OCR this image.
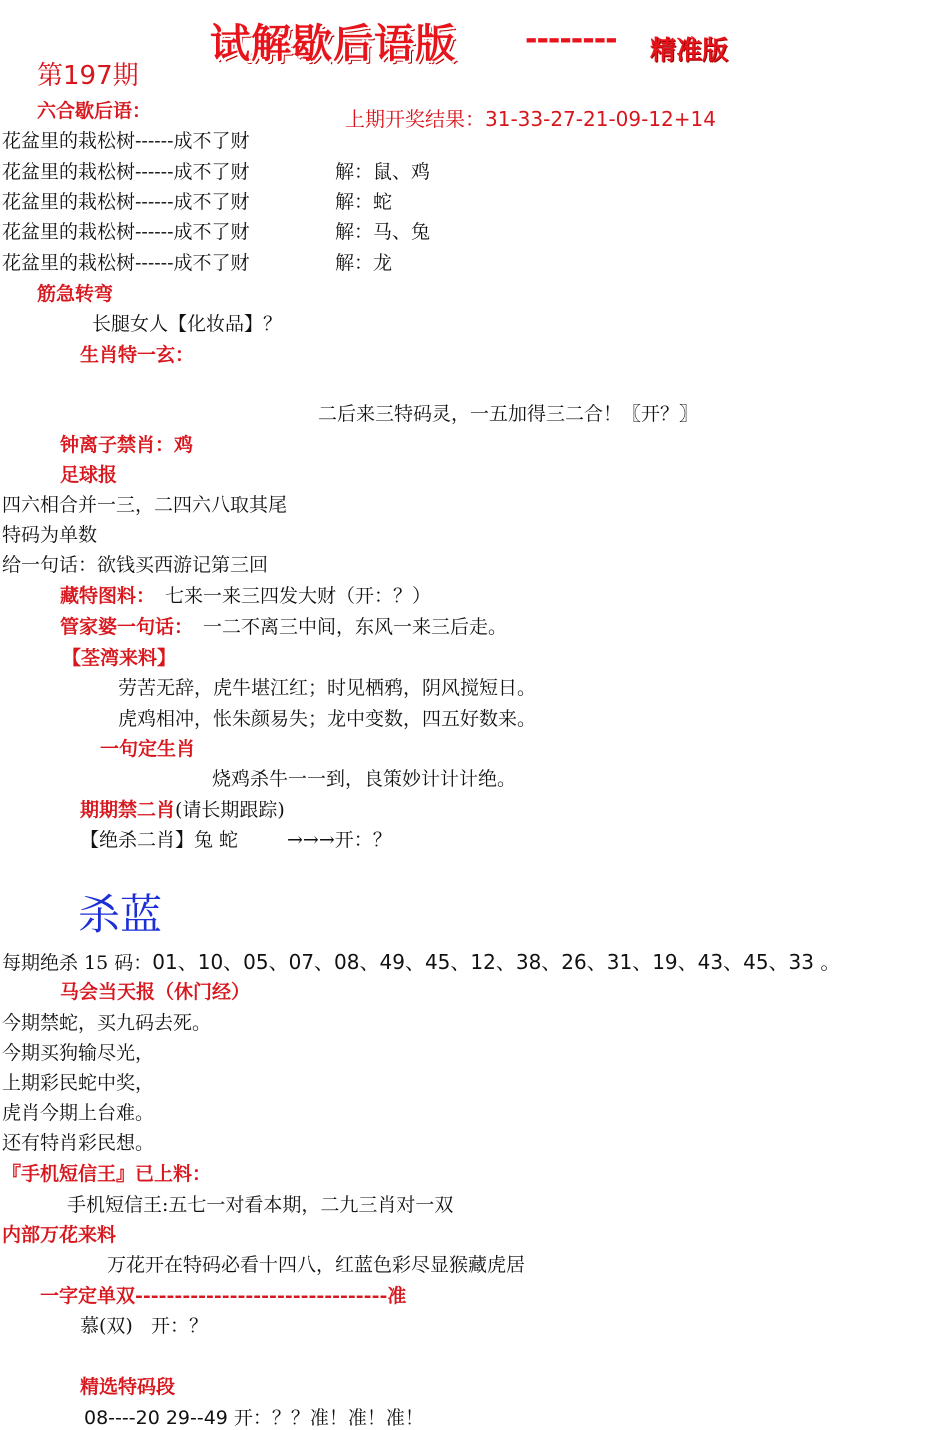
试解歇后语版 -------- 精准版
第197期
上期开奖结果：31-33-27-21-09-12+14
六合歇后语：
花盆里的栽松树------成不了财
花盆里的栽松树------成不了财	解：鼠、鸡
花盆里的栽松树------成不了财	解：蛇
花盆里的栽松树------成不了财	解：马、兔
花盆里的栽松树------成不了财	解：龙
筋急转弯
长腿女人【化妆品】？
生肖特一玄：
二后来三特码灵，一五加得三二合！〖开？〗
钟离子禁肖：鸡
足球报
四六相合并一三，二四六八取其尾
特码为单数
给一句话：欲钱买西游记第三回
藏特图料： 七来一来三四发大财（开：？）
管家婆一句话： 一二不离三中间，东风一来三后走。
【荃湾来料】
劳苦无辞，虎牛堪江红；时见栖鸦，阴风搅短日。
虎鸡相冲，怅朱颜易失；龙中变数，四五好数来。
一句定生肖
烧鸡杀牛一一到，良策妙计计计绝。
期期禁二肖(请长期跟踪)
【绝杀二肖】兔 蛇	→→→开：？
杀蓝
每期绝杀 15 码：01、10、05、07、08、49、45、12、38、26、31、19、43、45、33 。
马会当天报（休门经）
今期禁蛇，买九码去死。
今期买狗输尽光，
上期彩民蛇中奖，
虎肖今期上台难。
还有特肖彩民想。
『手机短信王』已上料：
手机短信王:五七一对看本期，二九三肖对一双
内部万花来料
万花开在特码必看十四八，红蓝色彩尽显猴藏虎居
一字定单双--------------------------------准
慕(双)   开：？
精选特码段
08----20 29--49 开：？？准！准！准！
